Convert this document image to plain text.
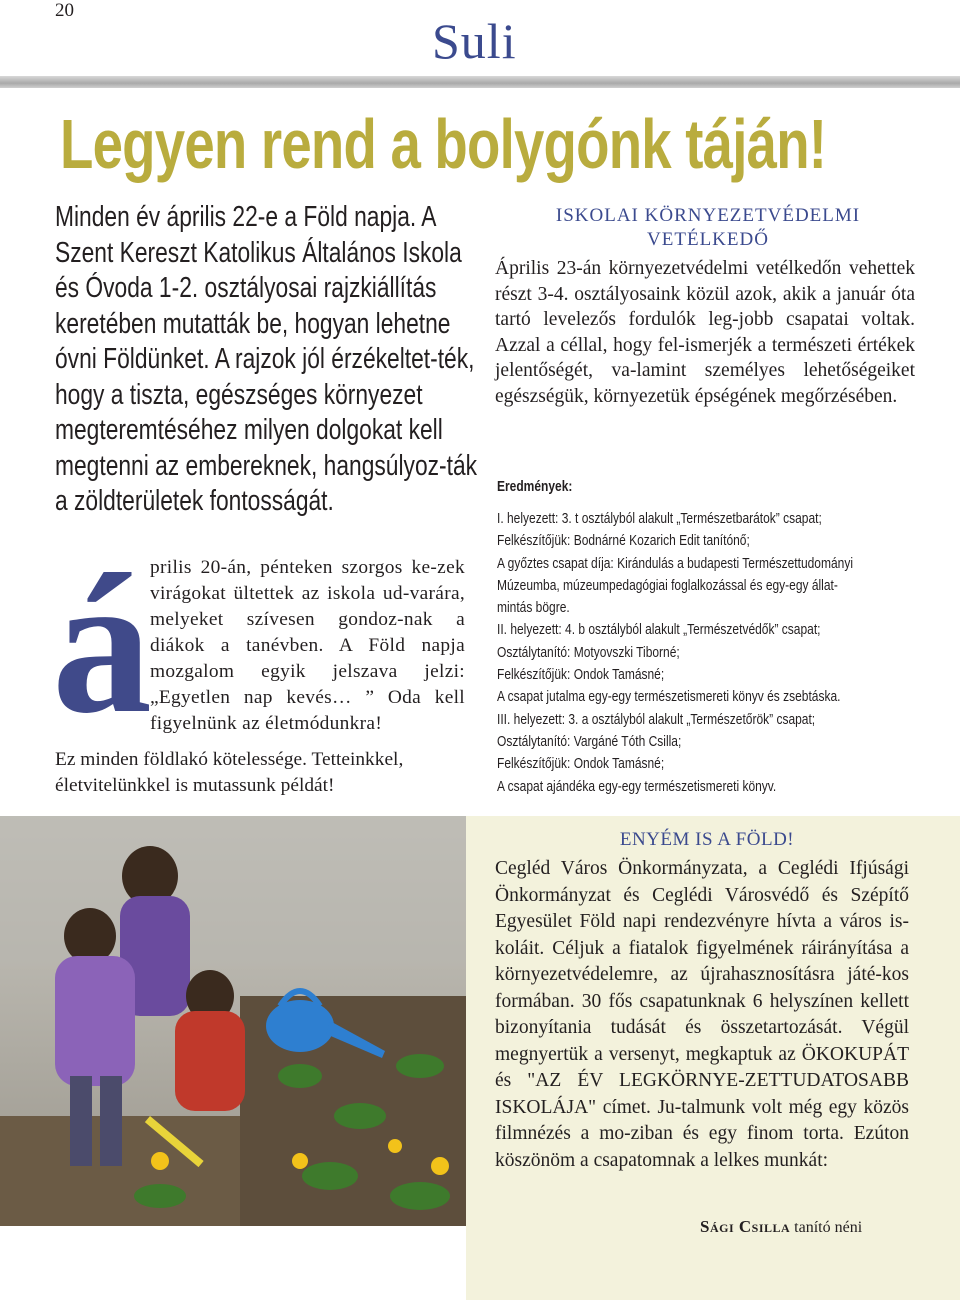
20
Suli
Legyen rend a bolygónk táján!
Minden év április 22-e a Föld napja. A Szent Kereszt Katolikus Általános Iskola és Óvoda 1-2. osztályosai rajzkiállítás keretében mutatták be, hogyan lehetne óvni Földünket. A rajzok jól érzékeltet-ték, hogy a tiszta, egészséges környezet megteremtéséhez milyen dolgokat kell megtenni az embereknek, hangsúlyoz-ták a zöldterületek fontosságát.
á
prilis 20-án, pénteken szorgos ke-zek virágokat ültettek az iskola ud-varára, melyeket szívesen gondoz-nak a diákok a tanévben. A Föld napja mozgalom egyik jelszava jelzi: „Egyetlen nap kevés… ” Oda kell figyelnünk az életmódunkra!
Ez minden földlakó kötelessége. Tetteinkkel, életvitelünkkel is mutassunk példát!
ISKOLAI KÖRNYEZETVÉDELMI VETÉLKEDŐ
Április 23-án környezetvédelmi vetélkedőn vehettek részt 3-4. osztályosaink közül azok, akik a január óta tartó levelezős fordulók leg-jobb csapatai voltak. Azzal a céllal, hogy fel-ismerjék a természeti értékek jelentőségét, va-lamint személyes lehetőségeiket egészségük, környezetük épségének megőrzésében.
Eredmények:
I. helyezett: 3. t osztályból alakult „Természetbarátok” csapat;
Felkészítőjük: Bodnárné Kozarich Edit tanítónő;
A győztes csapat díja: Kirándulás a budapesti Természettudományi
Múzeumba, múzeumpedagógiai foglalkozással és egy-egy állat-
mintás bögre.
II. helyezett: 4. b osztályból alakult „Természetvédők” csapat;
Osztálytanító: Motyovszki Tiborné;
Felkészítőjük: Ondok Tamásné;
A csapat jutalma egy-egy természetismereti könyv és zsebtáska.
III. helyezett: 3. a osztályból alakult „Természetőrök” csapat;
Osztálytanító: Vargáné Tóth Csilla;
Felkészítőjük: Ondok Tamásné;
A csapat ajándéka egy-egy természetismereti könyv.
ENYÉM IS A FÖLD!
Cegléd Város Önkormányzata, a Ceglédi Ifjúsági Önkormányzat és Ceglédi Városvédő és Szépítő Egyesület Föld napi rendezvényre hívta a város is-koláit. Céljuk a fiatalok figyelmének ráirányítása a környezetvédelemre, az újrahasznosításra játé-kos formában. 30 fős csapatunknak 6 helyszínen kellett bizonyítania tudását és összetartozását. Végül megnyertük a versenyt, megkaptuk az ÖKOKUPÁT és "AZ ÉV LEGKÖRNYE-ZETTUDATOSABB ISKOLÁJA" címet. Ju-talmunk volt még egy közös filmnézés a mo-ziban és egy finom torta. Ezúton köszönöm a csapatomnak a lelkes munkát:
Sági Csilla tanító néni
